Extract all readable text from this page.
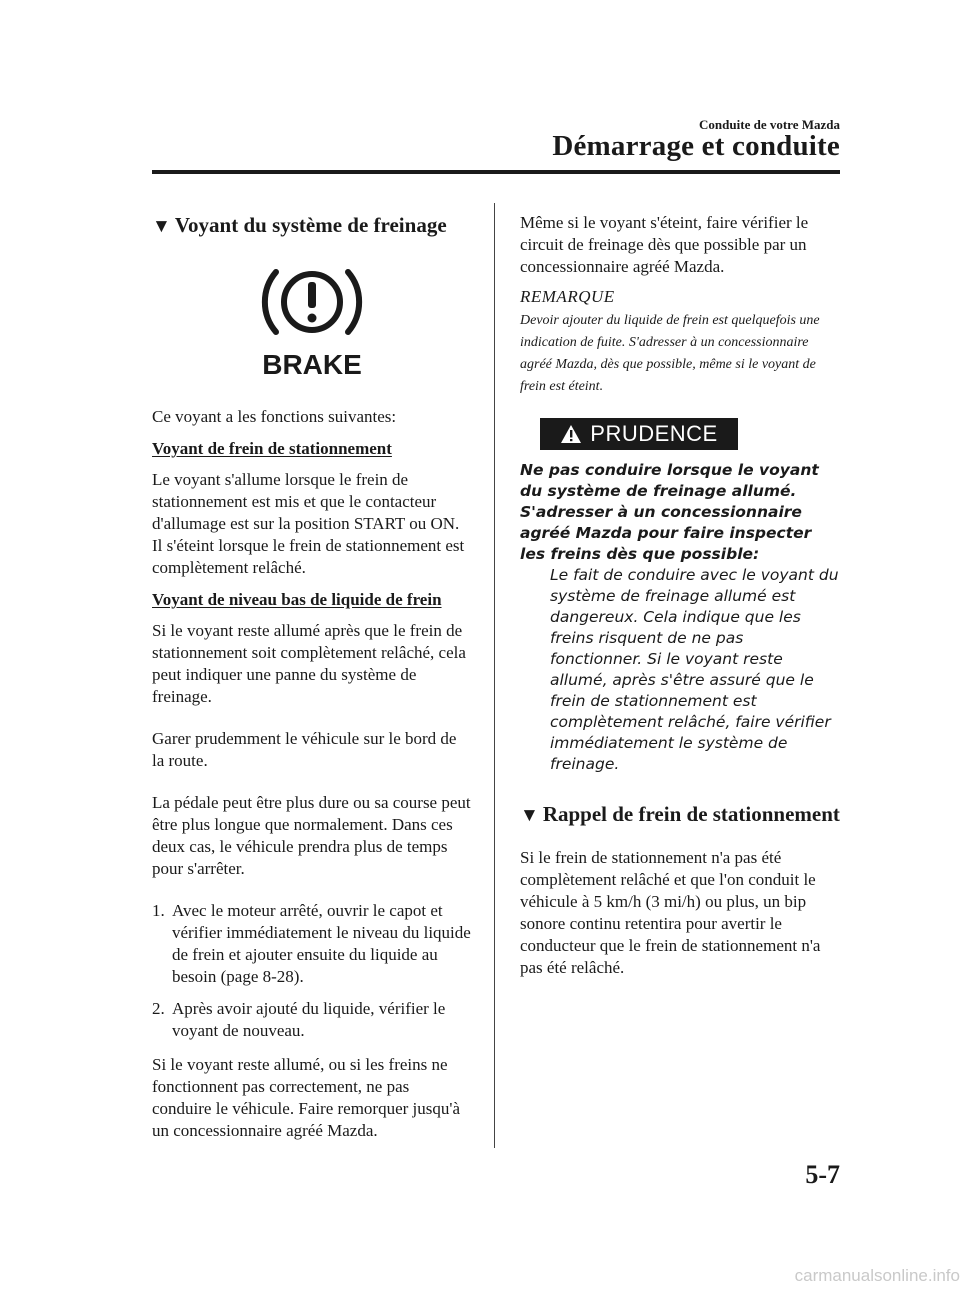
Conduite de votre Mazda
Démarrage et conduite
▼ Voyant du système de freinage
BRAKE

Ce voyant a les fonctions suivantes:

Voyant de frein de stationnement

Le voyant s'allume lorsque le frein de stationnement est mis et que le contacteur d'allumage est sur la position START ou ON. Il s'éteint lorsque le frein de stationnement est complètement relâché.

Voyant de niveau bas de liquide de frein

Si le voyant reste allumé après que le frein de stationnement soit complètement relâché, cela peut indiquer une panne du système de freinage.

Garer prudemment le véhicule sur le bord de la route.

La pédale peut être plus dure ou sa course peut être plus longue que normalement. Dans ces deux cas, le véhicule prendra plus de temps pour s'arrêter.

1. Avec le moteur arrêté, ouvrir le capot et vérifier immédiatement le niveau du liquide de frein et ajouter ensuite du liquide au besoin (page 8-28).
2. Après avoir ajouté du liquide, vérifier le voyant de nouveau.

Si le voyant reste allumé, ou si les freins ne fonctionnent pas correctement, ne pas conduire le véhicule. Faire remorquer jusqu'à un concessionnaire agréé Mazda.

Même si le voyant s'éteint, faire vérifier le circuit de freinage dès que possible par un concessionnaire agréé Mazda.

REMARQUE
Devoir ajouter du liquide de frein est quelquefois une indication de fuite. S'adresser à un concessionnaire agréé Mazda, dès que possible, même si le voyant de frein est éteint.
PRUDENCE

Ne pas conduire lorsque le voyant du système de freinage allumé. S'adresser à un concessionnaire agréé Mazda pour faire inspecter les freins dès que possible:

Le fait de conduire avec le voyant du système de freinage allumé est dangereux. Cela indique que les freins risquent de ne pas fonctionner. Si le voyant reste allumé, après s'être assuré que le frein de stationnement est complètement relâché, faire vérifier immédiatement le système de freinage.

▼ Rappel de frein de stationnement

Si le frein de stationnement n'a pas été complètement relâché et que l'on conduit le véhicule à 5 km/h (3 mi/h) ou plus, un bip sonore continu retentira pour avertir le conducteur que le frein de stationnement n'a pas été relâché.

5-7
carmanualsonline.info
